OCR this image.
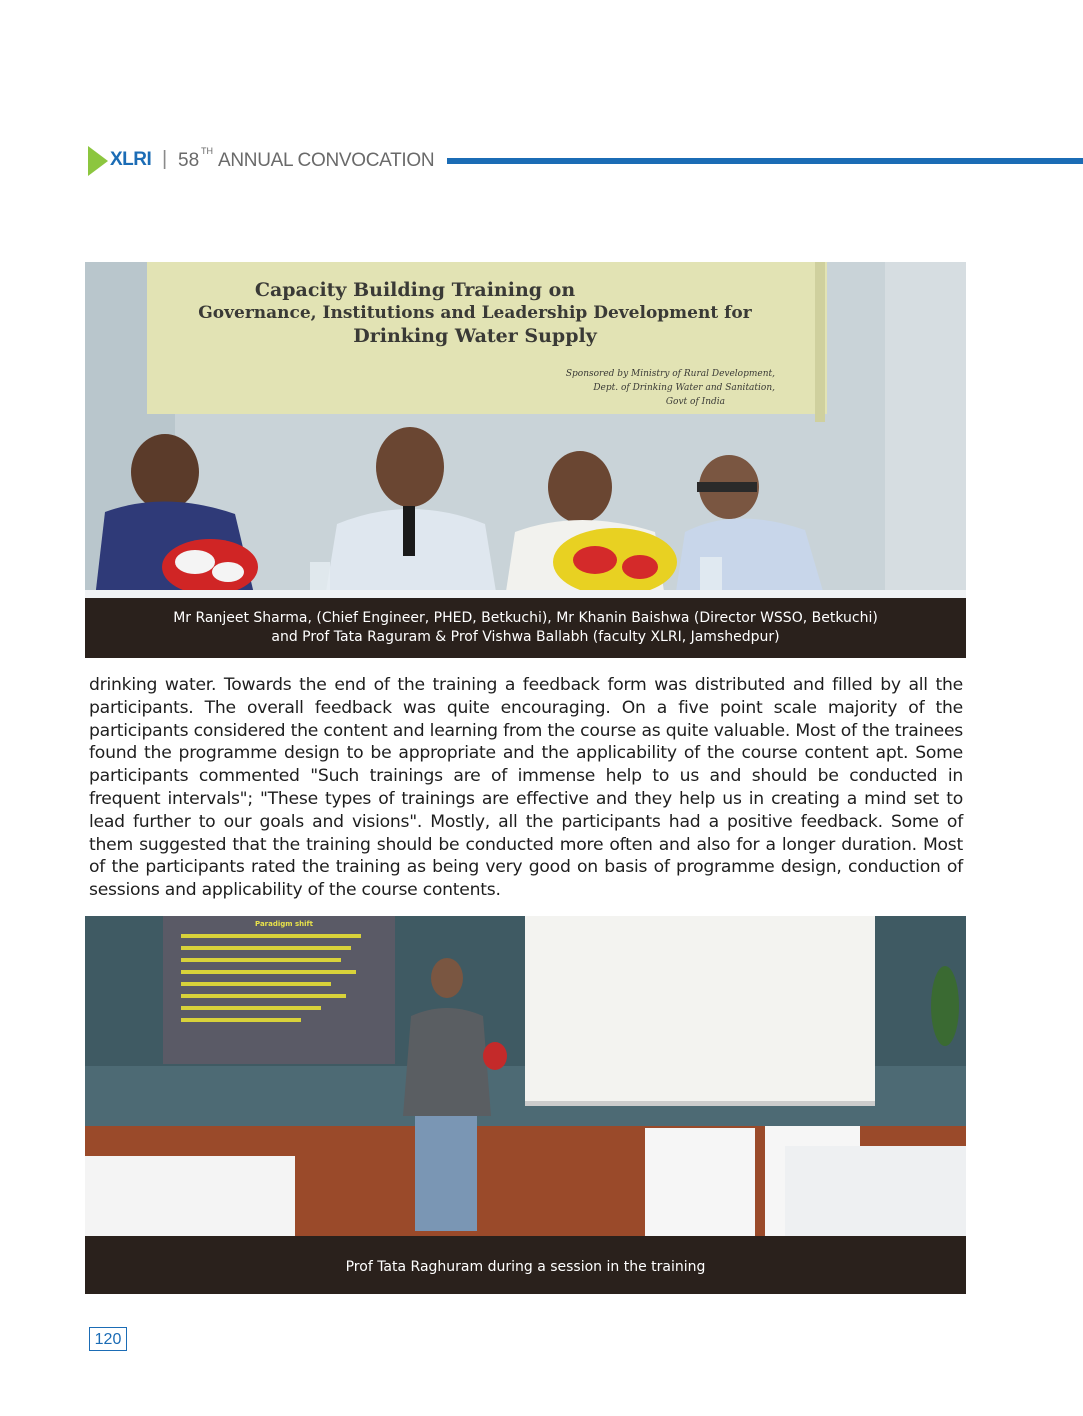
XLRI | 58 TH ANNUAL CONVOCATION
Capacity Building Training on
Governance, Institutions and Leadership Development for
Drinking Water Supply
Sponsored by Ministry of Rural Development,
Dept. of Drinking Water and Sanitation,
Govt of India
Mr Ranjeet Sharma, (Chief Engineer, PHED, Betkuchi), Mr Khanin Baishwa (Director WSSO, Betkuchi)
and Prof Tata Raguram & Prof Vishwa Ballabh (faculty XLRI, Jamshedpur)

drinking water. Towards the end of the training a feedback form was distributed and filled by all the participants. The overall feedback was quite encouraging. On a five point scale majority of the participants considered the content and learning from the course as quite valuable. Most of the trainees found the programme design to be appropriate and the applicability of the course content apt. Some participants commented "Such trainings are of immense help to us and should be conducted in frequent intervals"; "These types of trainings are effective and they help us in creating a mind set to lead further to our goals and visions". Mostly, all the participants had a positive feedback. Some of them suggested that the training should be conducted more often and also for a longer duration. Most of the participants rated the training as being very good on basis of programme design, conduction of sessions and applicability of the course contents.

Paradigm shift
Prof Tata Raghuram during a session in the training
120
